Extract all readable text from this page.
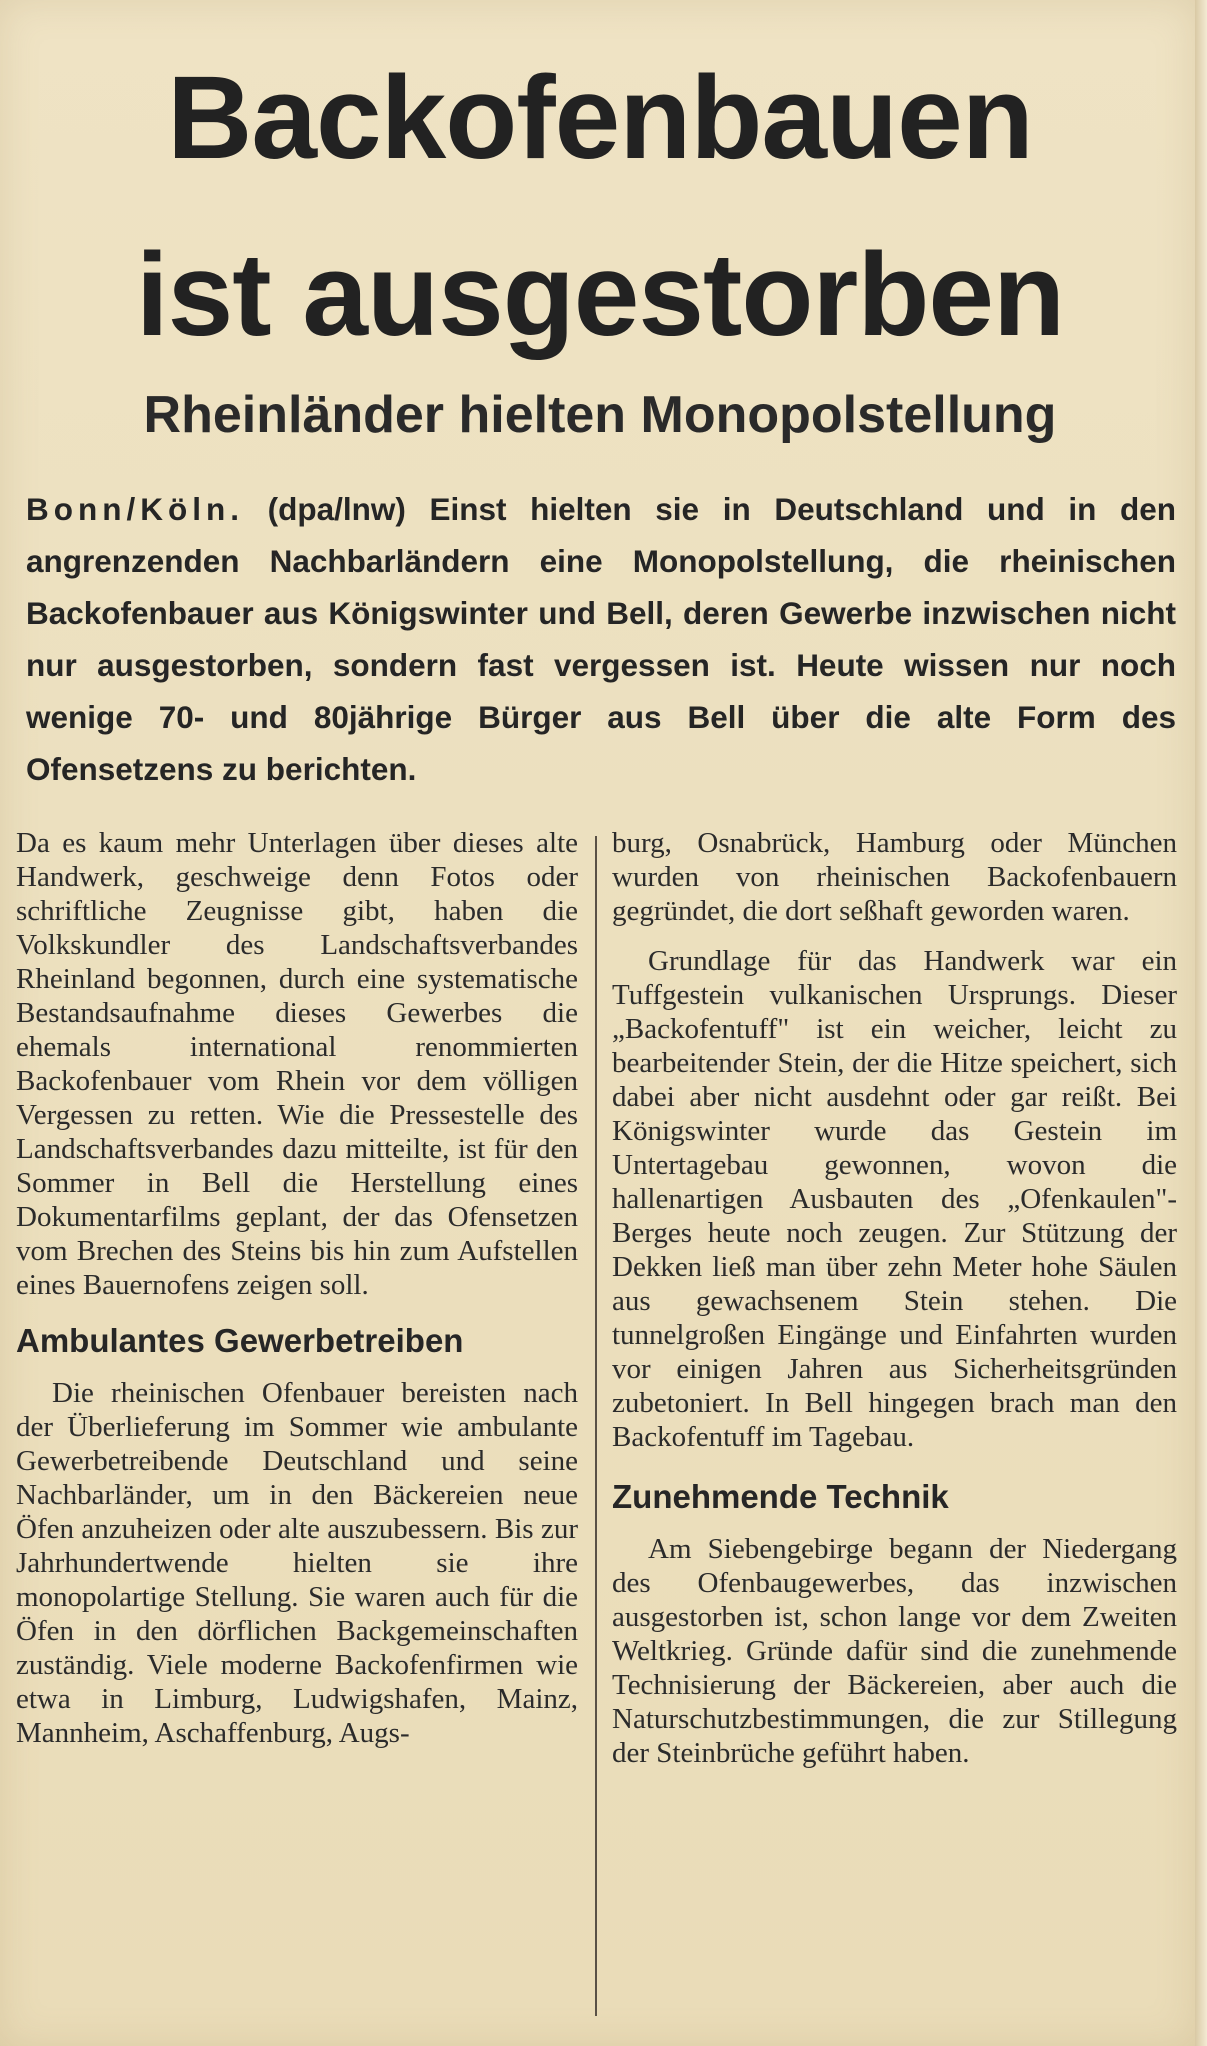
Backofenbauen
ist ausgestorben
Rheinländer hielten Monopolstellung

Bonn/Köln. (dpa/lnw) Einst hielten sie in Deutschland und in den angrenzenden Nachbarländern eine Monopolstellung, die rheinischen Backofenbauer aus Königswinter und Bell, deren Gewerbe inzwischen nicht nur ausgestorben, sondern fast vergessen ist. Heute wissen nur noch wenige 70- und 80jährige Bürger aus Bell über die alte Form des Ofensetzens zu berichten.

Da es kaum mehr Unterlagen über dieses alte Handwerk, geschweige denn Fotos oder schriftliche Zeugnisse gibt, haben die Volkskundler des Landschaftsverbandes Rheinland begonnen, durch eine systematische Bestandsaufnahme dieses Gewerbes die ehemals international renommierten Backofenbauer vom Rhein vor dem völligen Vergessen zu retten. Wie die Pressestelle des Landschaftsverbandes dazu mitteilte, ist für den Sommer in Bell die Herstellung eines Dokumentarfilms geplant, der das Ofensetzen vom Brechen des Steins bis hin zum Aufstellen eines Bauernofens zeigen soll.

Ambulantes Gewerbetreiben

Die rheinischen Ofenbauer bereisten nach der Überlieferung im Sommer wie ambulante Gewerbetreibende Deutschland und seine Nachbarländer, um in den Bäckereien neue Öfen anzuheizen oder alte auszubessern. Bis zur Jahrhundertwende hielten sie ihre monopolartige Stellung. Sie waren auch für die Öfen in den dörflichen Backgemeinschaften zuständig. Viele moderne Backofenfirmen wie etwa in Limburg, Ludwigshafen, Mainz, Mannheim, Aschaffenburg, Augs-

burg, Osnabrück, Hamburg oder München wurden von rheinischen Backofenbauern gegründet, die dort seßhaft geworden waren.

Grundlage für das Handwerk war ein Tuffgestein vulkanischen Ursprungs. Dieser „Backofentuff" ist ein weicher, leicht zu bearbeitender Stein, der die Hitze speichert, sich dabei aber nicht ausdehnt oder gar reißt. Bei Königswinter wurde das Gestein im Untertagebau gewonnen, wovon die hallenartigen Ausbauten des „Ofenkaulen"-Berges heute noch zeugen. Zur Stützung der Dekken ließ man über zehn Meter hohe Säulen aus gewachsenem Stein stehen. Die tunnelgroßen Eingänge und Einfahrten wurden vor einigen Jahren aus Sicherheitsgründen zubetoniert. In Bell hingegen brach man den Backofentuff im Tagebau.

Zunehmende Technik

Am Siebengebirge begann der Niedergang des Ofenbaugewerbes, das inzwischen ausgestorben ist, schon lange vor dem Zweiten Weltkrieg. Gründe dafür sind die zunehmende Technisierung der Bäckereien, aber auch die Naturschutzbestimmungen, die zur Stillegung der Steinbrüche geführt haben.
